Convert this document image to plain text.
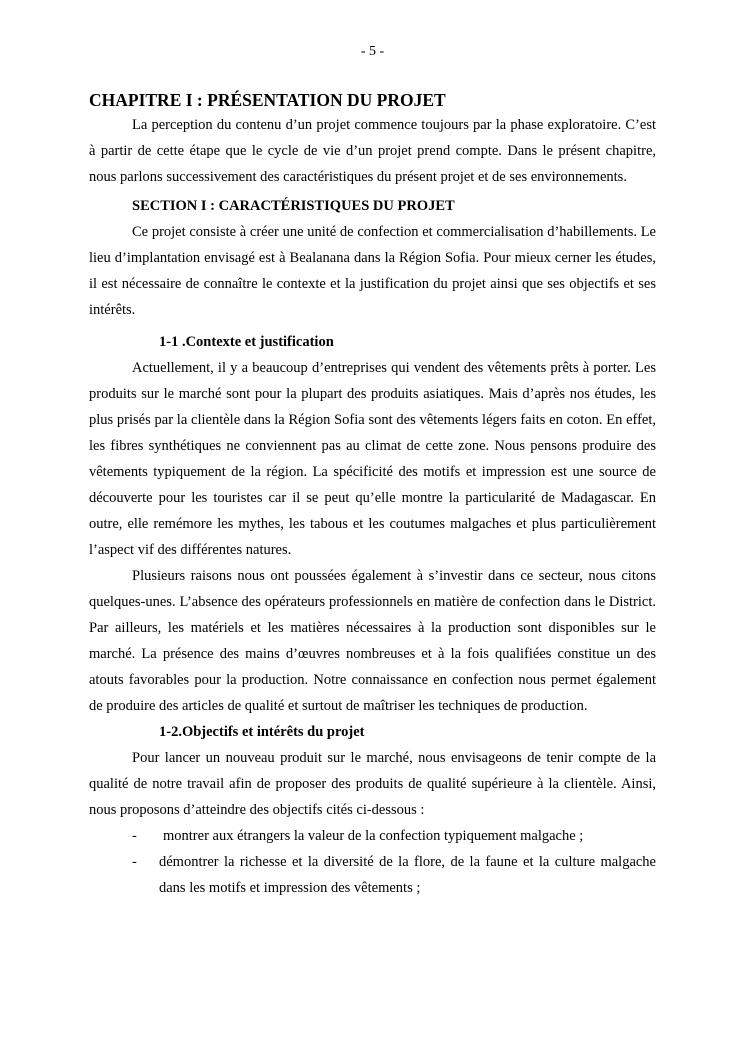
- 5 -
CHAPITRE I : PRÉSENTATION DU PROJET

La perception du contenu d’un projet commence toujours par la phase exploratoire. C’est à partir de cette étape que le cycle de vie d’un projet prend compte. Dans le présent chapitre, nous parlons successivement des caractéristiques du présent projet et de ses environnements.

SECTION I : CARACTÉRISTIQUES DU PROJET

Ce projet consiste à créer une unité de confection et commercialisation d’habillements. Le lieu d’implantation envisagé est à Bealanana dans la Région Sofia. Pour mieux cerner les études, il est nécessaire de connaître le contexte et la justification du projet ainsi que ses objectifs et ses intérêts.

1-1 .Contexte et justification

Actuellement, il y a beaucoup d’entreprises qui vendent des vêtements prêts à porter. Les produits sur le marché sont pour la plupart des produits asiatiques. Mais d’après nos études, les plus prisés par la clientèle dans la Région Sofia sont des vêtements légers faits en coton. En effet, les fibres synthétiques ne conviennent pas au climat de cette zone. Nous pensons produire des vêtements typiquement de la région. La spécificité des motifs et impression est une source de découverte pour les touristes car il se peut qu’elle montre la particularité de Madagascar. En outre, elle remémore les mythes, les tabous et les coutumes malgaches et plus particulièrement l’aspect vif des différentes natures.

Plusieurs raisons nous ont poussées également à s’investir dans ce secteur, nous citons quelques-unes. L’absence des opérateurs professionnels en matière de confection dans le District. Par ailleurs, les matériels et les matières nécessaires à la production sont disponibles sur le marché. La présence des mains d’œuvres nombreuses et à la fois qualifiées constitue un des atouts favorables pour la production. Notre connaissance en confection nous permet également de produire des articles de qualité et surtout de maîtriser les techniques de production.

1-2.Objectifs et intérêts du projet

Pour lancer un nouveau produit sur le marché, nous envisageons de tenir compte de la qualité de notre travail afin de proposer des produits de qualité supérieure à la clientèle. Ainsi, nous proposons d’atteindre des objectifs cités ci-dessous :

- montrer aux étrangers la valeur de la confection typiquement malgache ;
- démontrer la richesse et la diversité de la flore, de la faune et la culture malgache dans les motifs et impression des vêtements ;
